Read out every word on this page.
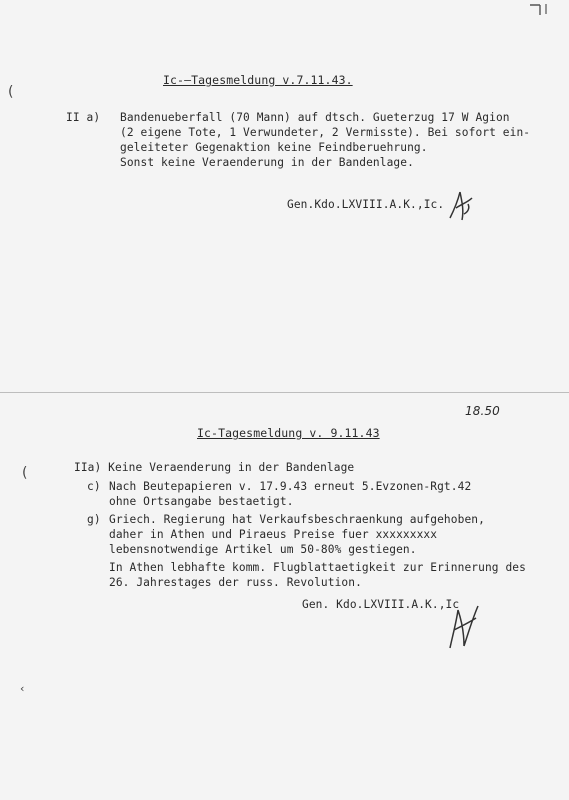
(
(
‹
Ic-–Tagesmeldung v.7.11.43.
II a) Bandenueberfall (70 Mann) auf dtsch. Gueterzug 17 W Agion
(2 eigene Tote, 1 Verwundeter, 2 Vermisste). Bei sofort ein-
geleiteter Gegenaktion keine Feindberuehrung.
Sonst keine Veraenderung in der Bandenlage.
Gen.Kdo.LXVIII.A.K.,Ic.
18.50
Ic-Tagesmeldung v. 9.11.43
IIa) Keine Veraenderung in der Bandenlage
c) Nach Beutepapieren v. 17.9.43 erneut 5.Evzonen-Rgt.42
ohne Ortsangabe bestaetigt.
g) Griech. Regierung hat Verkaufsbeschraenkung aufgehoben,
daher in Athen und Piraeus Preise fuer xxxxxxxxx
lebensnotwendige Artikel um 50-80% gestiegen.
In Athen lebhafte komm. Flugblattaetigkeit zur Erinnerung des
26. Jahrestages der russ. Revolution.
Gen. Kdo.LXVIII.A.K.,Ic
